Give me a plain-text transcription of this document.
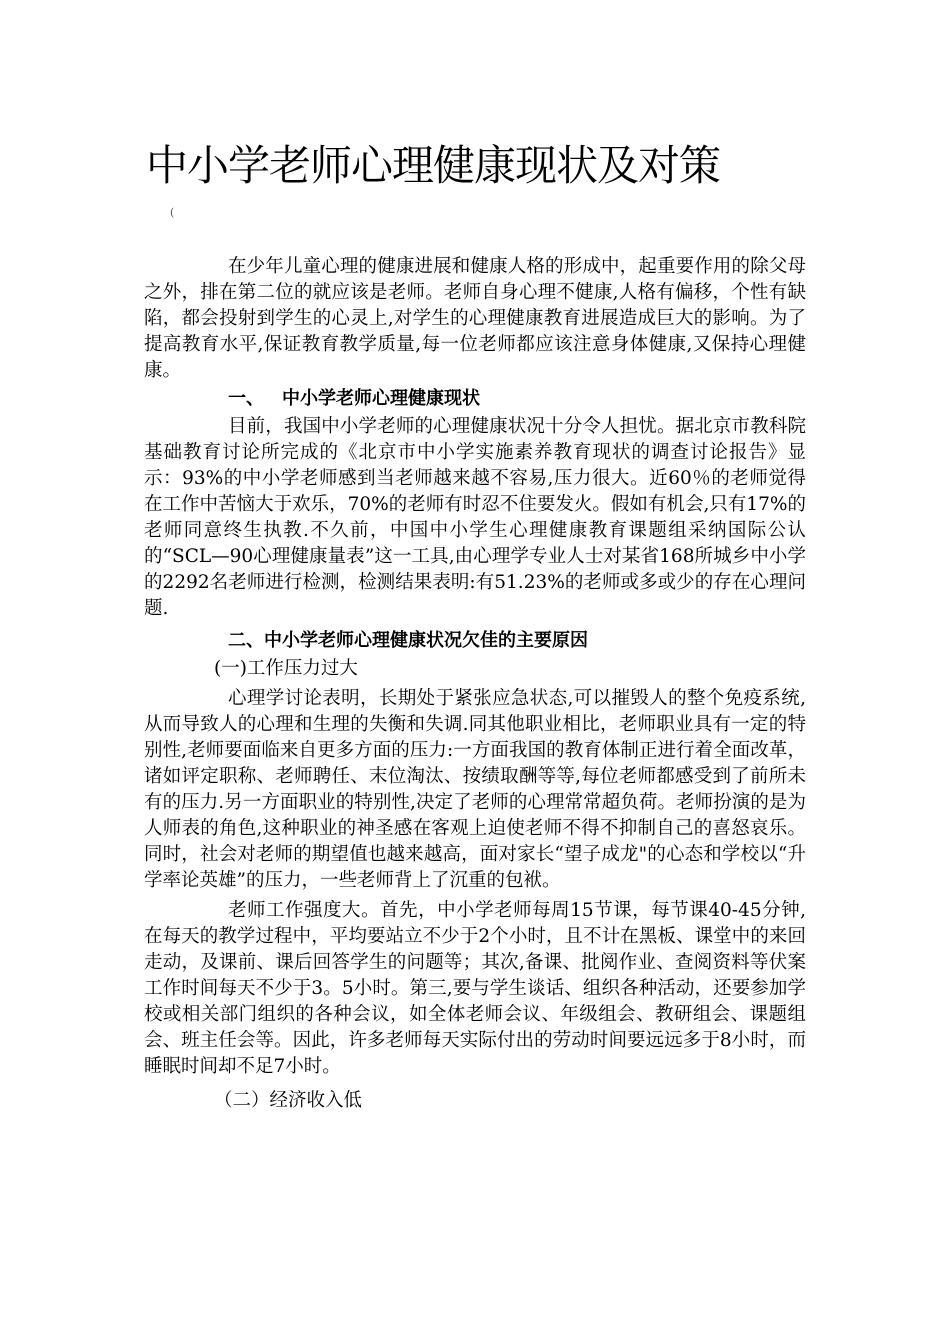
中小学老师心理健康现状及对策
(

在少年儿童心理的健康进展和健康人格的形成中，起重要作用的除父母之外，排在第二位的就应该是老师。老师自身心理不健康,人格有偏移，个性有缺陷，都会投射到学生的心灵上,对学生的心理健康教育进展造成巨大的影响。为了提高教育水平,保证教育教学质量,每一位老师都应该注意身体健康,又保持心理健康。

一、 中小学老师心理健康现状

目前，我国中小学老师的心理健康状况十分令人担忧。据北京市教科院基础教育讨论所完成的《北京市中小学实施素养教育现状的调查讨论报告》显示：93%的中小学老师感到当老师越来越不容易,压力很大。近60％的老师觉得在工作中苦恼大于欢乐，70%的老师有时忍不住要发火。假如有机会,只有17%的老师同意终生执教.不久前，中国中小学生心理健康教育课题组采纳国际公认的“SCL—90心理健康量表”这一工具,由心理学专业人士对某省168所城乡中小学的2292名老师进行检测，检测结果表明:有51.23%的老师或多或少的存在心理问题.

二、中小学老师心理健康状况欠佳的主要原因

(一)工作压力过大

心理学讨论表明，长期处于紧张应急状态,可以摧毁人的整个免疫系统,从而导致人的心理和生理的失衡和失调.同其他职业相比，老师职业具有一定的特别性,老师要面临来自更多方面的压力:一方面我国的教育体制正进行着全面改革，诸如评定职称、老师聘任、末位淘汰、按绩取酬等等,每位老师都感受到了前所未有的压力.另一方面职业的特别性,决定了老师的心理常常超负荷。老师扮演的是为人师表的角色,这种职业的神圣感在客观上迫使老师不得不抑制自己的喜怒哀乐。同时，社会对老师的期望值也越来越高，面对家长“望子成龙"的心态和学校以“升学率论英雄”的压力，一些老师背上了沉重的包袱。

老师工作强度大。首先，中小学老师每周15节课，每节课40-45分钟,在每天的教学过程中，平均要站立不少于2个小时，且不计在黑板、课堂中的来回走动，及课前、课后回答学生的问题等；其次,备课、批阅作业、查阅资料等伏案工作时间每天不少于3。5小时。第三,要与学生谈话、组织各种活动，还要参加学校或相关部门组织的各种会议，如全体老师会议、年级组会、教研组会、课题组会、班主任会等。因此，许多老师每天实际付出的劳动时间要远远多于8小时，而睡眠时间却不足7小时。

（二）经济收入低
